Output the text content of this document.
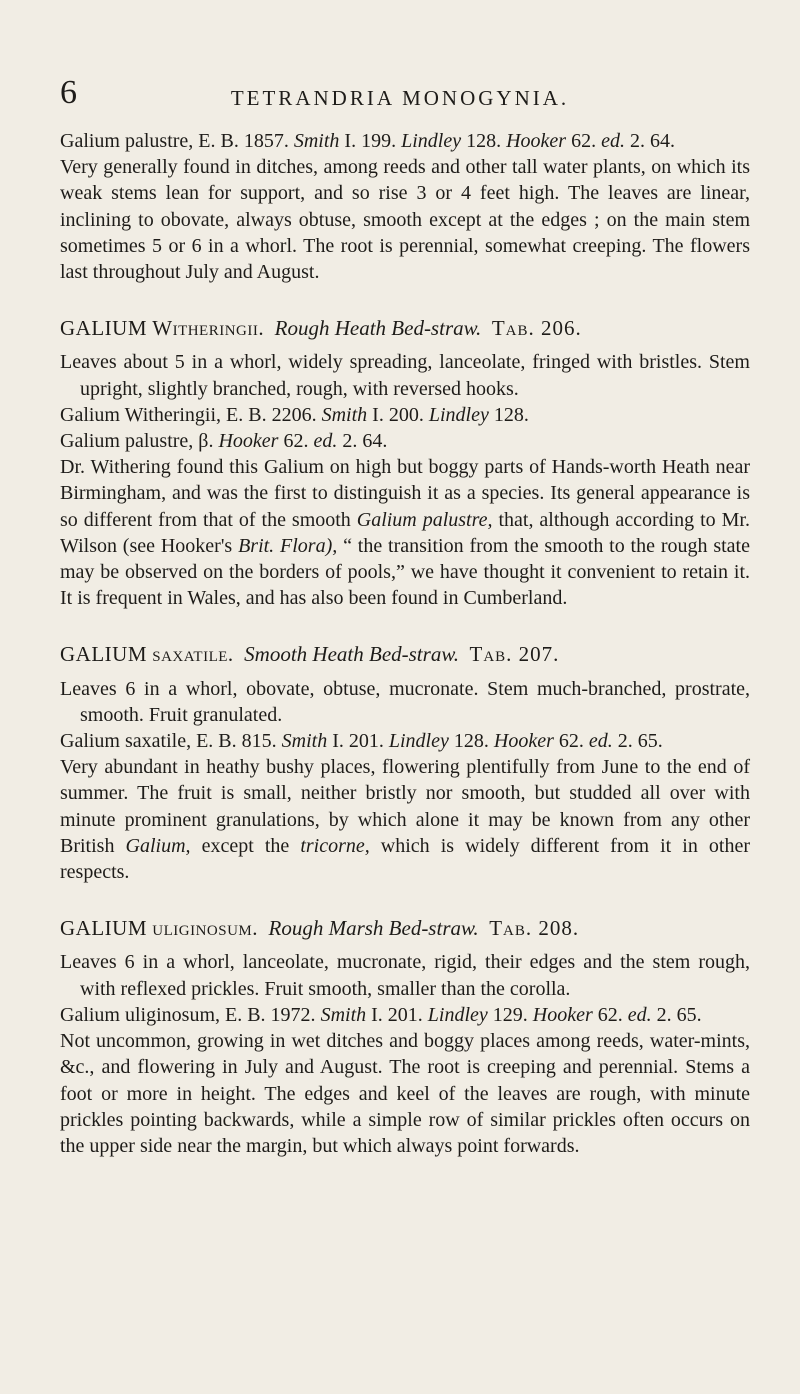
6	TETRANDRIA MONOGYNIA.

Galium palustre, E. B. 1857. Smith I. 199. Lindley 128. Hooker 62. ed. 2. 64.

Very generally found in ditches, among reeds and other tall water plants, on which its weak stems lean for support, and so rise 3 or 4 feet high. The leaves are linear, inclining to obovate, always obtuse, smooth except at the edges ; on the main stem sometimes 5 or 6 in a whorl. The root is perennial, somewhat creeping. The flowers last throughout July and August.

GALIUM Witheringii. Rough Heath Bed-straw. Tab. 206.

Leaves about 5 in a whorl, widely spreading, lanceolate, fringed with bristles. Stem upright, slightly branched, rough, with reversed hooks.

Galium Witheringii, E. B. 2206. Smith I. 200. Lindley 128.

Galium palustre, β. Hooker 62. ed. 2. 64.

Dr. Withering found this Galium on high but boggy parts of Hands-worth Heath near Birmingham, and was the first to distinguish it as a species. Its general appearance is so different from that of the smooth Galium palustre, that, although according to Mr. Wilson (see Hooker's Brit. Flora), “ the transition from the smooth to the rough state may be observed on the borders of pools,” we have thought it convenient to retain it. It is frequent in Wales, and has also been found in Cumberland.

GALIUM saxatile. Smooth Heath Bed-straw. Tab. 207.

Leaves 6 in a whorl, obovate, obtuse, mucronate. Stem much-branched, prostrate, smooth. Fruit granulated.

Galium saxatile, E. B. 815. Smith I. 201. Lindley 128. Hooker 62. ed. 2. 65.

Very abundant in heathy bushy places, flowering plentifully from June to the end of summer. The fruit is small, neither bristly nor smooth, but studded all over with minute prominent granulations, by which alone it may be known from any other British Galium, except the tricorne, which is widely different from it in other respects.

GALIUM uliginosum. Rough Marsh Bed-straw. Tab. 208.

Leaves 6 in a whorl, lanceolate, mucronate, rigid, their edges and the stem rough, with reflexed prickles. Fruit smooth, smaller than the corolla.

Galium uliginosum, E. B. 1972. Smith I. 201. Lindley 129. Hooker 62. ed. 2. 65.

Not uncommon, growing in wet ditches and boggy places among reeds, water-mints, &c., and flowering in July and August. The root is creeping and perennial. Stems a foot or more in height. The edges and keel of the leaves are rough, with minute prickles pointing backwards, while a simple row of similar prickles often occurs on the upper side near the margin, but which always point forwards.
